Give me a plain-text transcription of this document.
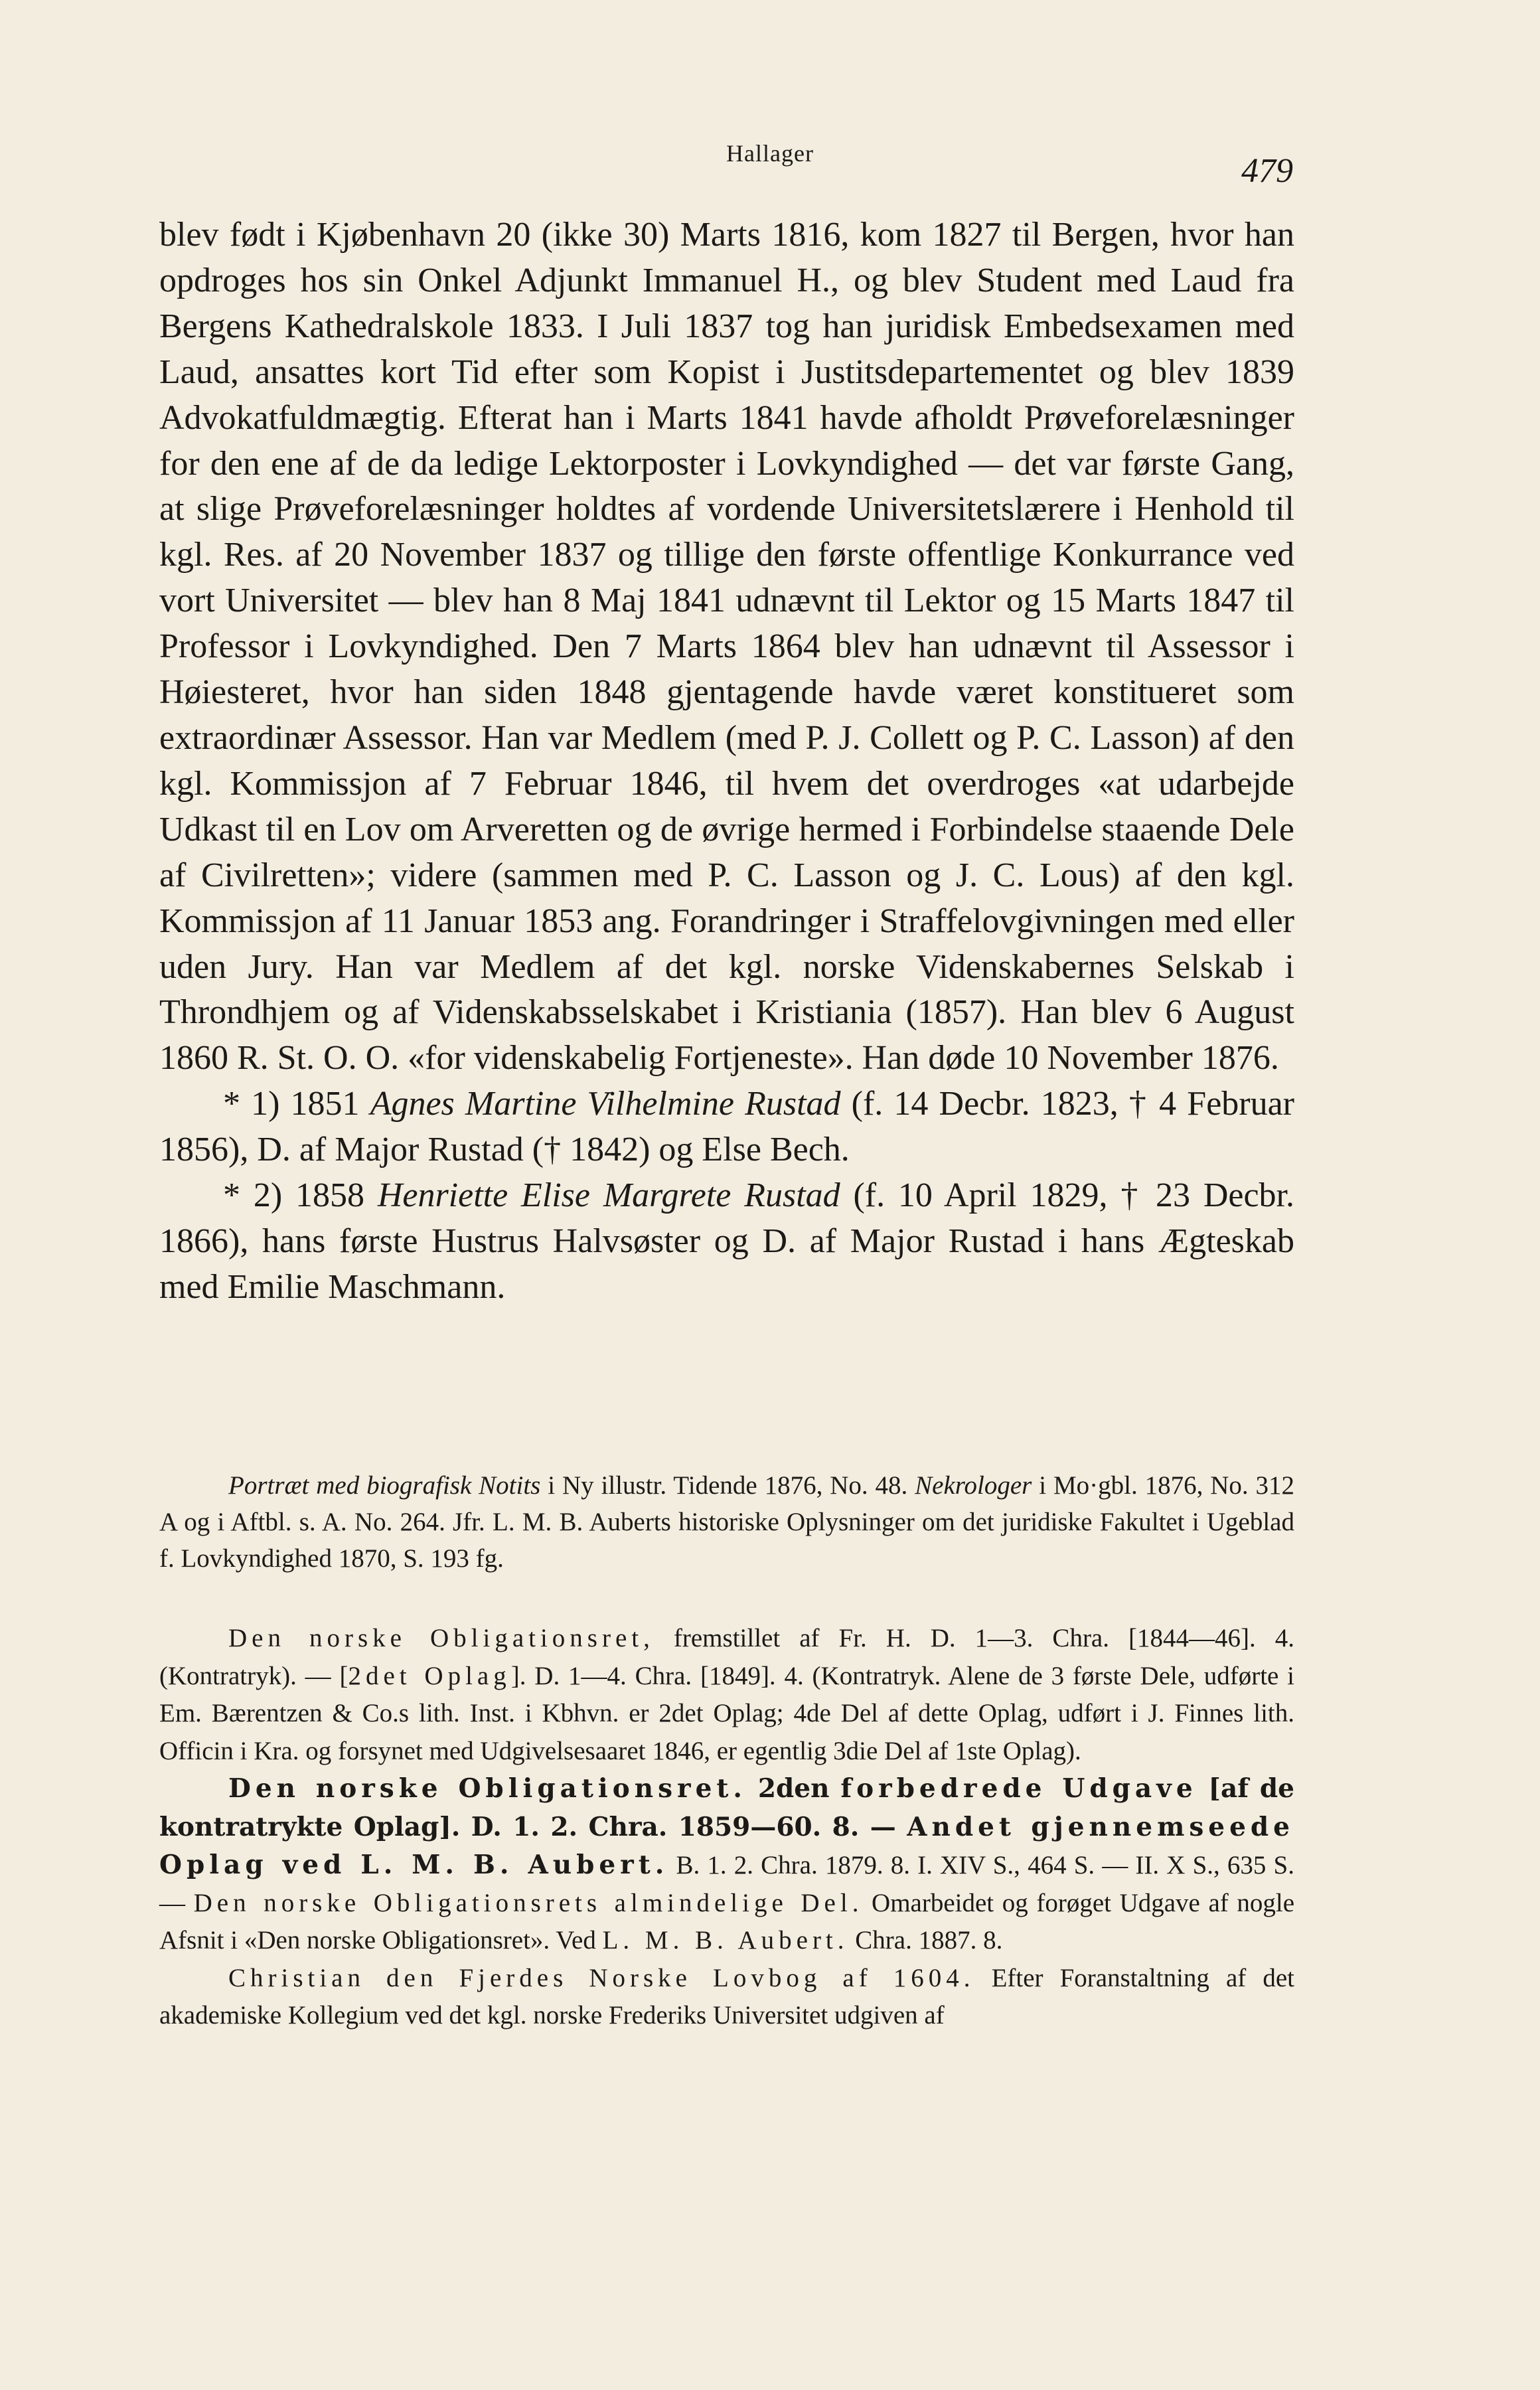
Hallager	479

blev født i Kjøbenhavn 20 (ikke 30) Marts 1816, kom 1827 til Bergen, hvor han opdroges hos sin Onkel Adjunkt Immanuel H., og blev Student med Laud fra Bergens Kathedralskole 1833. I Juli 1837 tog han juridisk Embedsexamen med Laud, ansattes kort Tid efter som Kopist i Justitsdepartementet og blev 1839 Advokatfuldmægtig. Efterat han i Marts 1841 havde afholdt Prøveforelæsninger for den ene af de da ledige Lektorposter i Lovkyndighed — det var første Gang, at slige Prøveforelæsninger holdtes af vordende Universitetslærere i Henhold til kgl. Res. af 20 November 1837 og tillige den første offentlige Konkurrance ved vort Universitet — blev han 8 Maj 1841 udnævnt til Lektor og 15 Marts 1847 til Professor i Lovkyndighed. Den 7 Marts 1864 blev han udnævnt til Assessor i Høiesteret, hvor han siden 1848 gjentagende havde været konstitueret som extraordinær Assessor. Han var Medlem (med P. J. Collett og P. C. Lasson) af den kgl. Kommissjon af 7 Februar 1846, til hvem det overdroges «at udarbejde Udkast til en Lov om Arveretten og de øvrige hermed i Forbindelse staaende Dele af Civilretten»; videre (sammen med P. C. Lasson og J. C. Lous) af den kgl. Kommissjon af 11 Januar 1853 ang. Forandringer i Straffelovgivningen med eller uden Jury. Han var Medlem af det kgl. norske Videnskabernes Selskab i Throndhjem og af Videnskabsselskabet i Kristiania (1857). Han blev 6 August 1860 R. St. O. O. «for videnskabelig Fortjeneste». Han døde 10 November 1876.

* 1) 1851 Agnes Martine Vilhelmine Rustad (f. 14 Decbr. 1823, † 4 Februar 1856), D. af Major Rustad († 1842) og Else Bech.

* 2) 1858 Henriette Elise Margrete Rustad (f. 10 April 1829, † 23 Decbr. 1866), hans første Hustrus Halvsøster og D. af Major Rustad i hans Ægteskab med Emilie Maschmann.

Portræt med biografisk Notits i Ny illustr. Tidende 1876, No. 48. Nekrologer i Mo·gbl. 1876, No. 312 A og i Aftbl. s. A. No. 264. Jfr. L. M. B. Auberts historiske Oplysninger om det juridiske Fakultet i Ugeblad f. Lovkyndighed 1870, S. 193 fg.

Den norske Obligationsret, fremstillet af Fr. H. D. 1—3. Chra. [1844—46]. 4. (Kontratryk). — [2det Oplag]. D. 1—4. Chra. [1849]. 4. (Kontratryk. Alene de 3 første Dele, udførte i Em. Bærentzen & Co.s lith. Inst. i Kbhvn. er 2det Oplag; 4de Del af dette Oplag, udført i J. Finnes lith. Officin i Kra. og forsynet med Udgivelsesaaret 1846, er egentlig 3die Del af 1ste Oplag).

Den norske Obligationsret. 2den forbedrede Udgave [af de kontratrykte Oplag]. D. 1. 2. Chra. 1859—60. 8. — Andet gjennemseede Oplag ved L. M. B. Aubert. B. 1. 2. Chra. 1879. 8. I. XIV S., 464 S. — II. X S., 635 S. — Den norske Obligationsrets almindelige Del. Omarbeidet og forøget Udgave af nogle Afsnit i «Den norske Obligationsret». Ved L. M. B. Aubert. Chra. 1887. 8.

Christian den Fjerdes Norske Lovbog af 1604. Efter Foranstaltning af det akademiske Kollegium ved det kgl. norske Frederiks Universitet udgiven af
